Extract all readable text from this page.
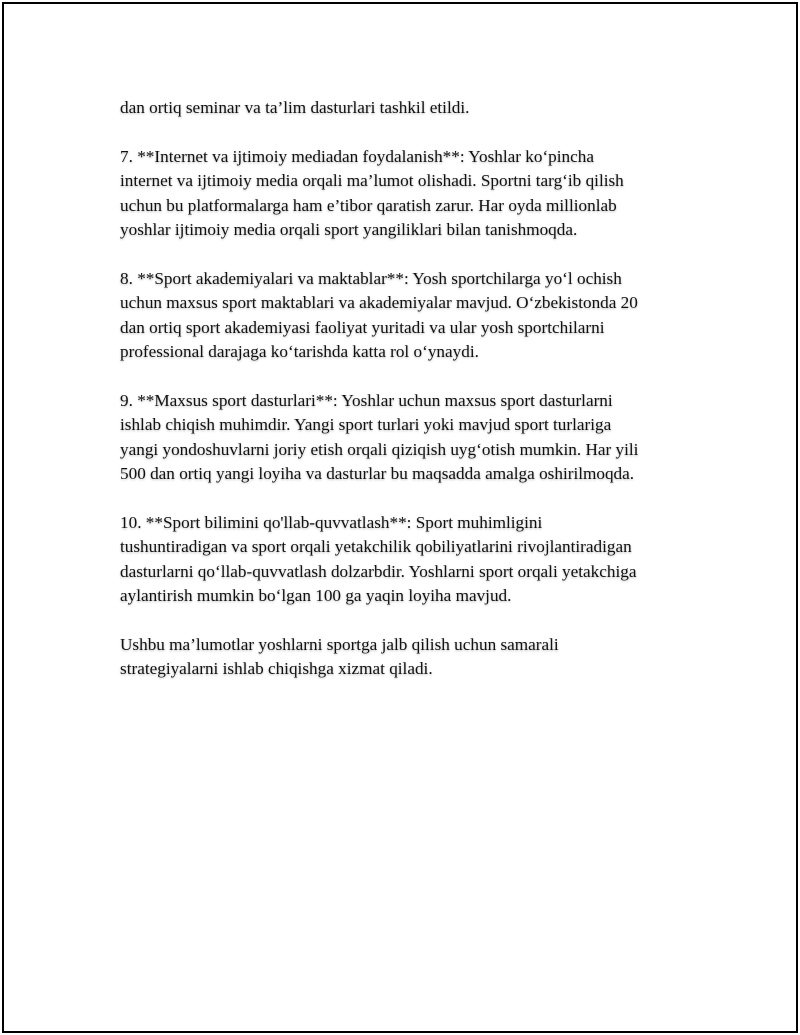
dan ortiq seminar va ta’lim dasturlari tashkil etildi.

7. **Internet va ijtimoiy mediadan foydalanish**: Yoshlar ko‘pincha
internet va ijtimoiy media orqali ma’lumot olishadi. Sportni targ‘ib qilish
uchun bu platformalarga ham e’tibor qaratish zarur. Har oyda millionlab
yoshlar ijtimoiy media orqali sport yangiliklari bilan tanishmoqda.

8. **Sport akademiyalari va maktablar**: Yosh sportchilarga yo‘l ochish
uchun maxsus sport maktablari va akademiyalar mavjud. O‘zbekistonda 20
dan ortiq sport akademiyasi faoliyat yuritadi va ular yosh sportchilarni
professional darajaga ko‘tarishda katta rol o‘ynaydi.

9. **Maxsus sport dasturlari**: Yoshlar uchun maxsus sport dasturlarni
ishlab chiqish muhimdir. Yangi sport turlari yoki mavjud sport turlariga
yangi yondoshuvlarni joriy etish orqali qiziqish uyg‘otish mumkin. Har yili
500 dan ortiq yangi loyiha va dasturlar bu maqsadda amalga oshirilmoqda.

10. **Sport bilimini qo'llab-quvvatlash**: Sport muhimligini
tushuntiradigan va sport orqali yetakchilik qobiliyatlarini rivojlantiradigan
dasturlarni qo‘llab-quvvatlash dolzarbdir. Yoshlarni sport orqali yetakchiga
aylantirish mumkin bo‘lgan 100 ga yaqin loyiha mavjud.

Ushbu ma’lumotlar yoshlarni sportga jalb qilish uchun samarali
strategiyalarni ishlab chiqishga xizmat qiladi.
